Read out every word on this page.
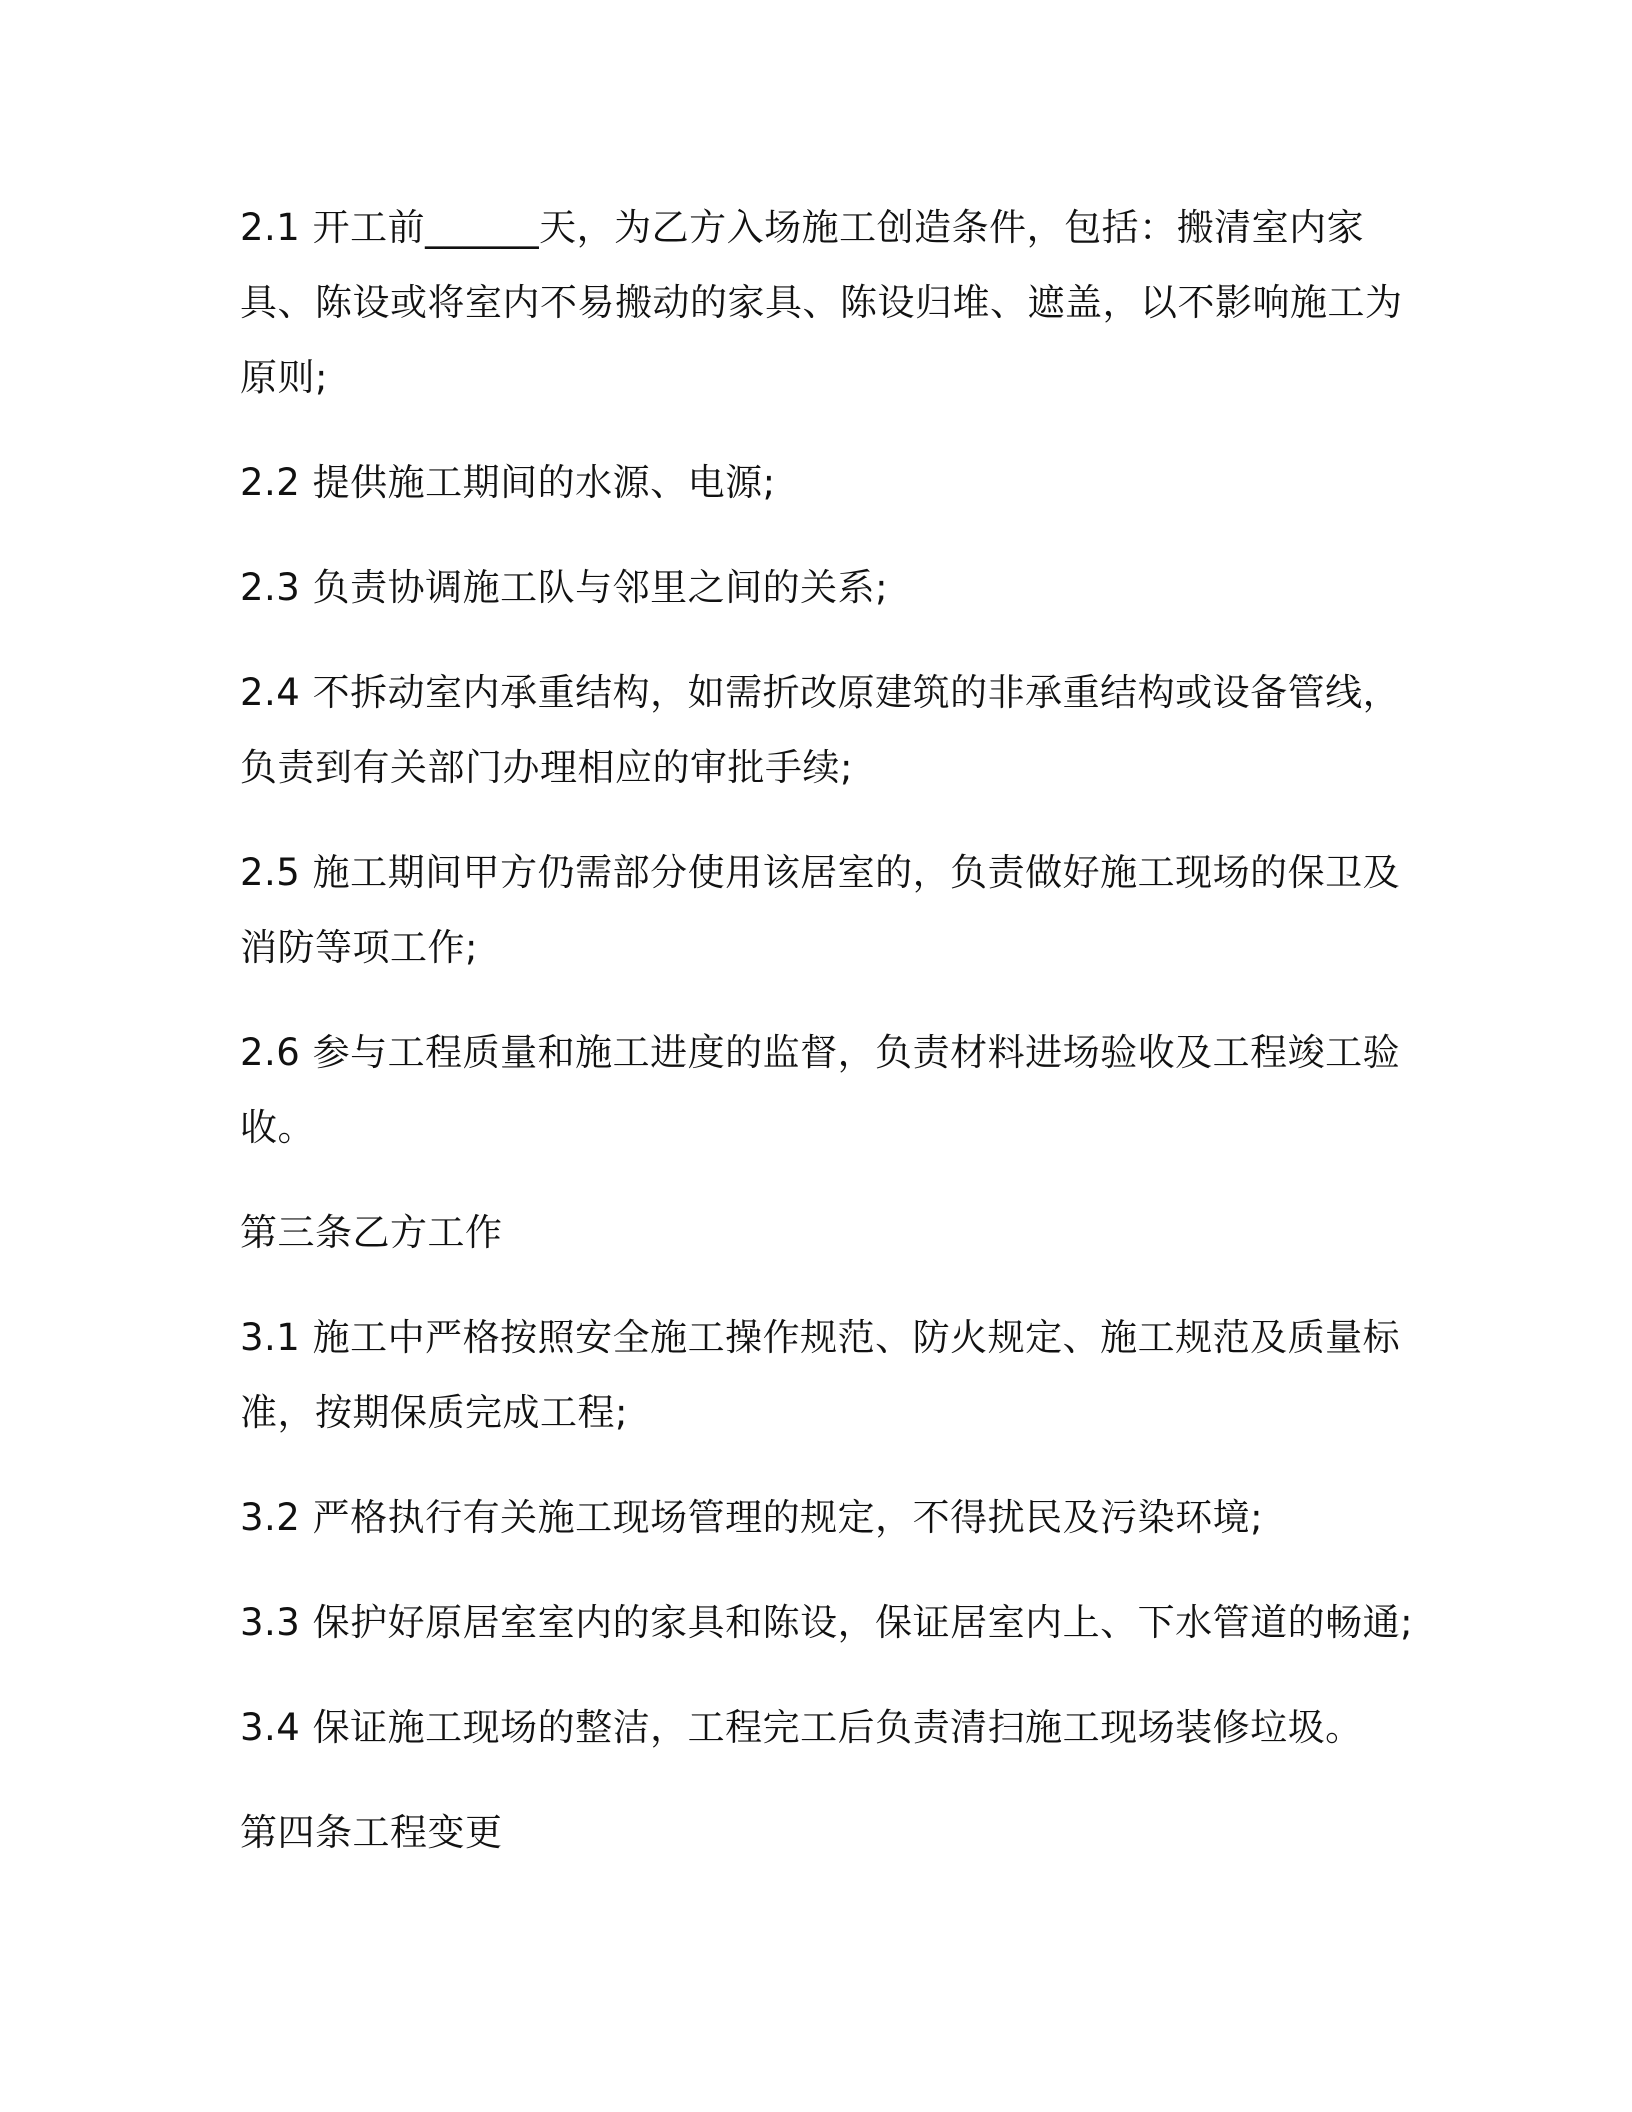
2.1 开工前______天，为乙方入场施工创造条件，包括：搬清室内家具、陈设或将室内不易搬动的家具、陈设归堆、遮盖，以不影响施工为原则;

2.2 提供施工期间的水源、电源;

2.3 负责协调施工队与邻里之间的关系;

2.4 不拆动室内承重结构，如需折改原建筑的非承重结构或设备管线，负责到有关部门办理相应的审批手续;

2.5 施工期间甲方仍需部分使用该居室的，负责做好施工现场的保卫及消防等项工作;

2.6 参与工程质量和施工进度的监督，负责材料进场验收及工程竣工验收。

第三条乙方工作

3.1 施工中严格按照安全施工操作规范、防火规定、施工规范及质量标准，按期保质完成工程;

3.2 严格执行有关施工现场管理的规定，不得扰民及污染环境;

3.3 保护好原居室室内的家具和陈设，保证居室内上、下水管道的畅通;

3.4 保证施工现场的整洁，工程完工后负责清扫施工现场装修垃圾。

第四条工程变更
